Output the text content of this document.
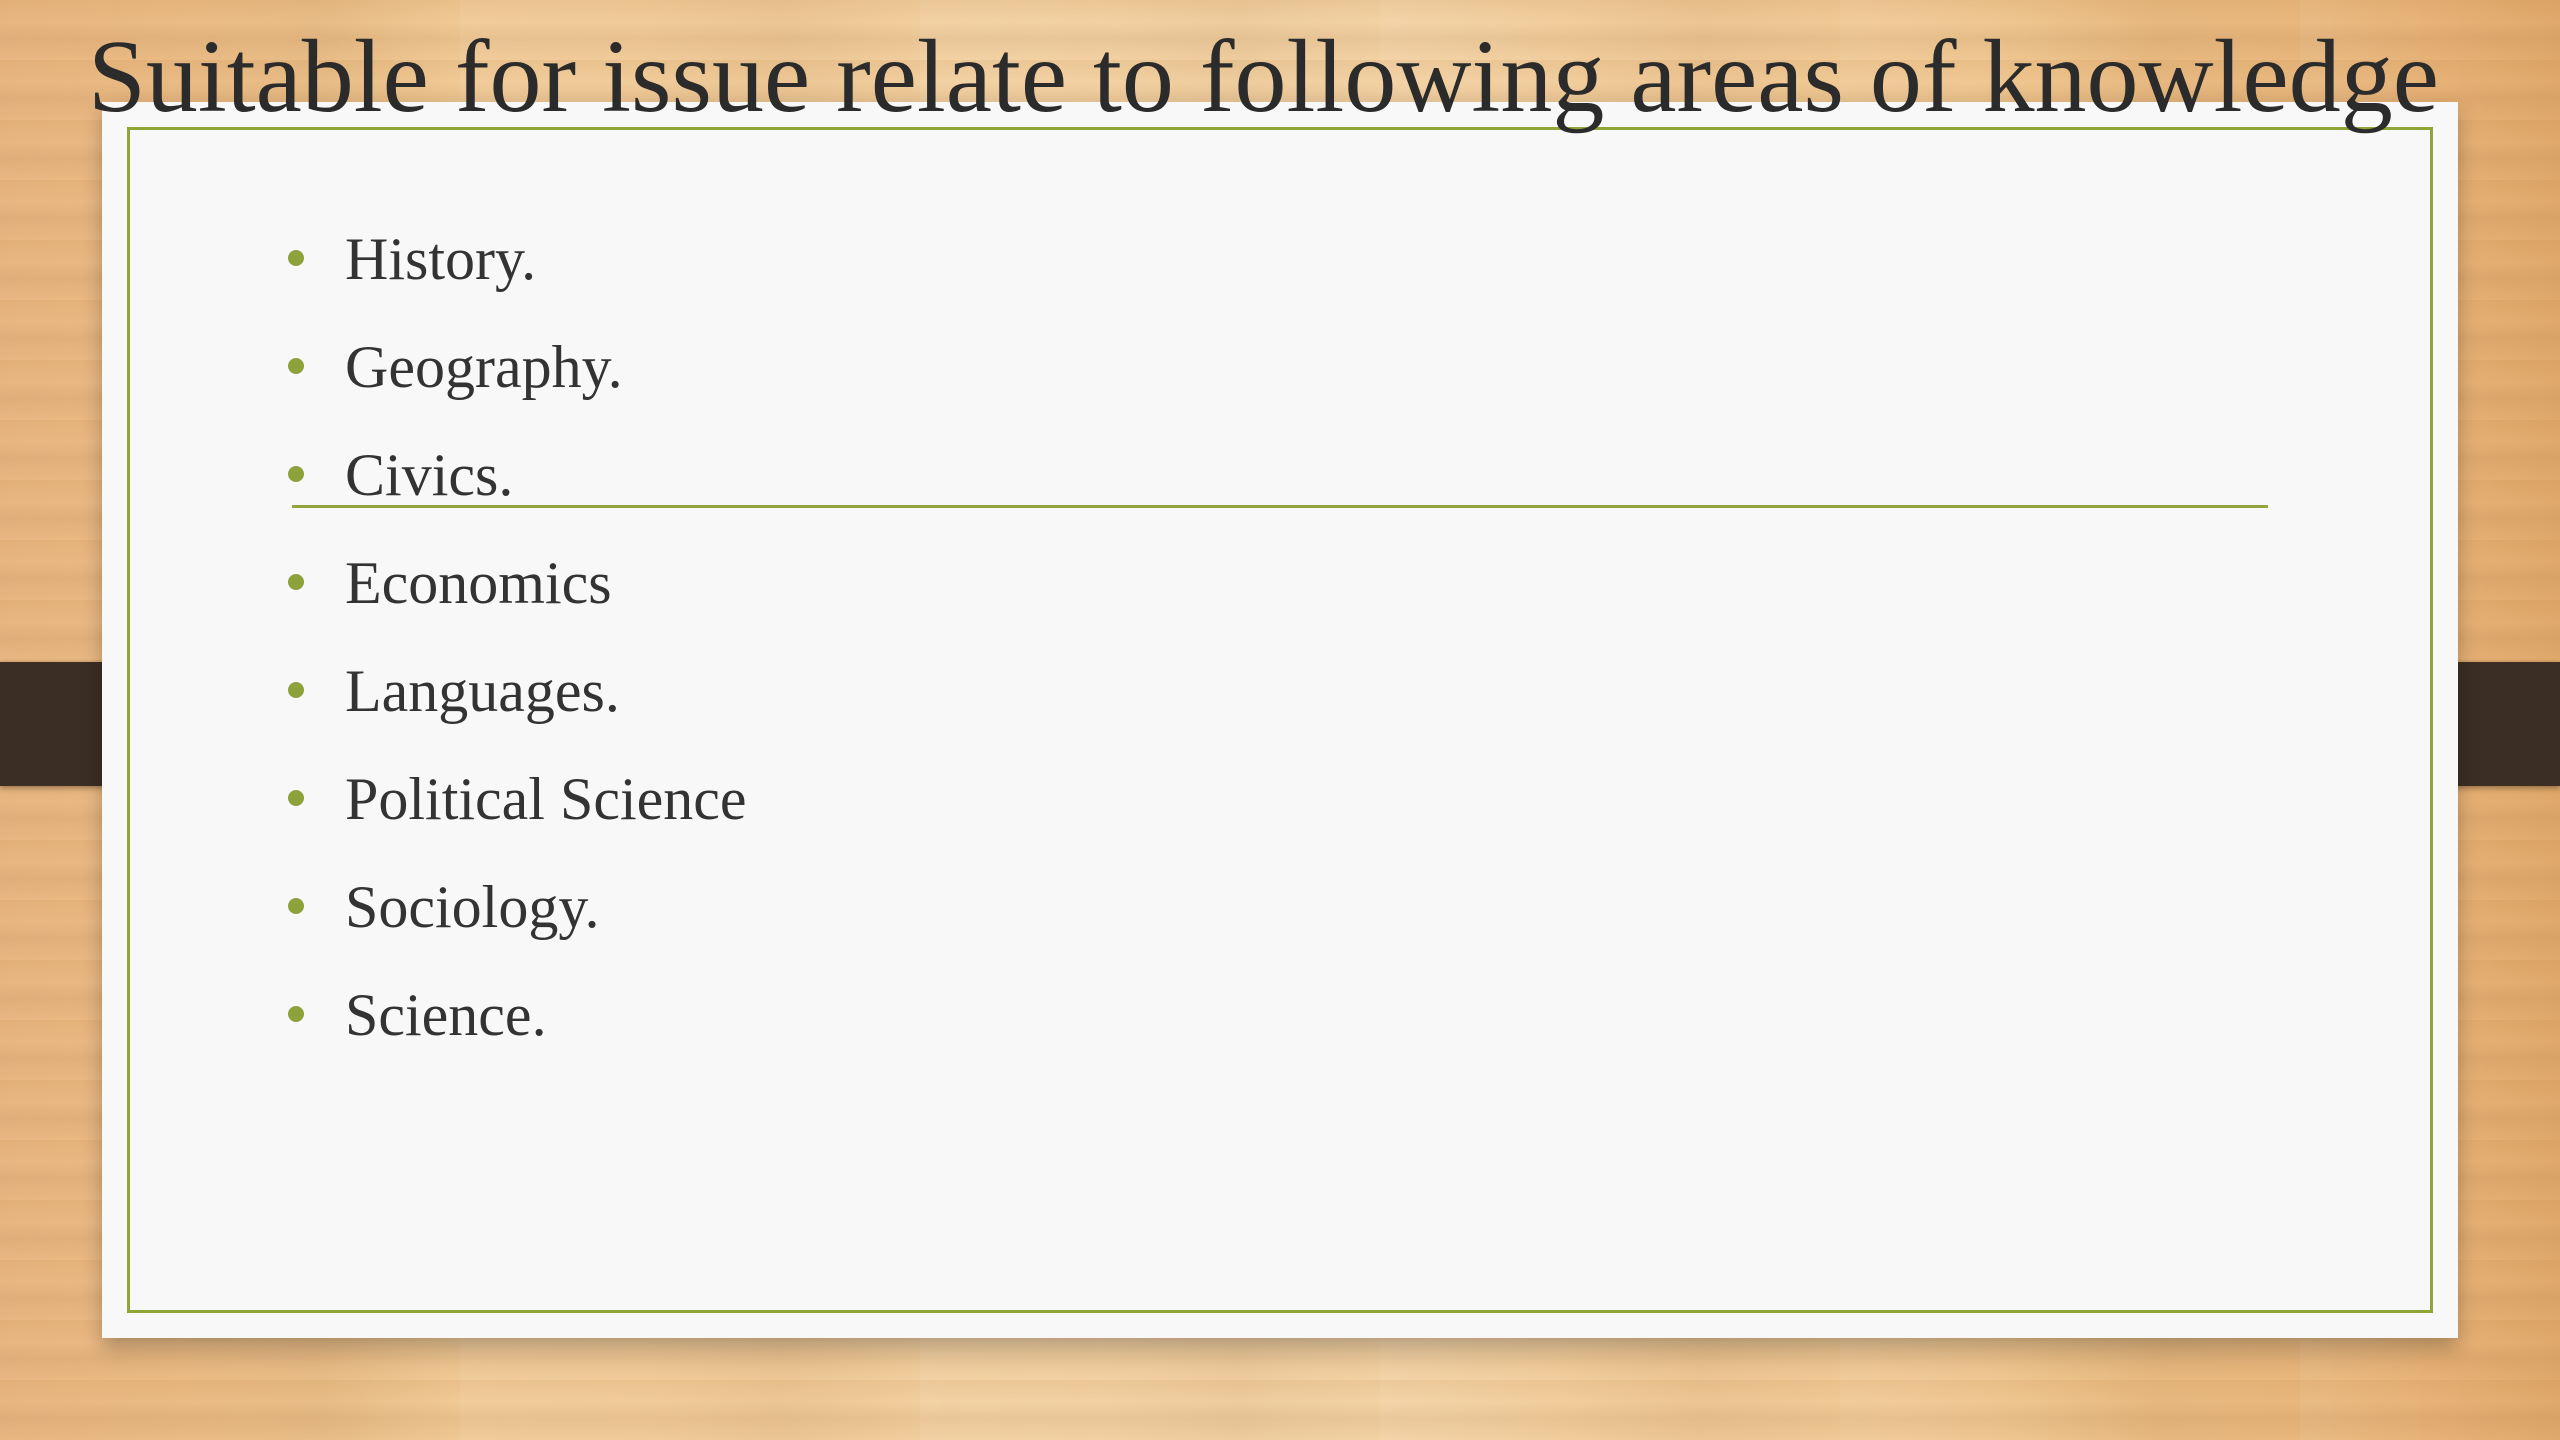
Suitable for issue relate to following areas of knowledge
History.
Geography.
Civics.
Economics
Languages.
Political Science
Sociology.
Science.
